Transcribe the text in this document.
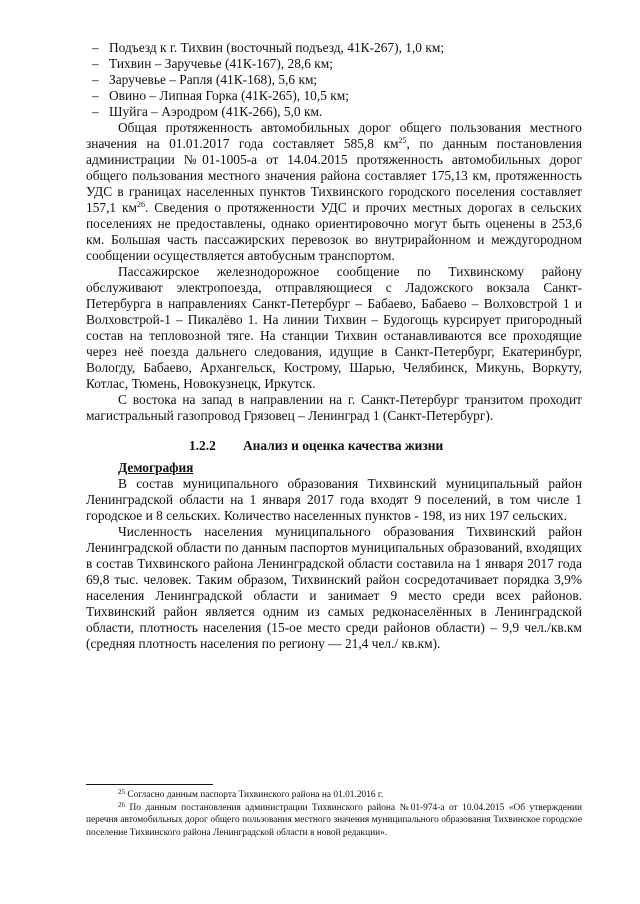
– Подъезд к г. Тихвин (восточный подъезд, 41К-267), 1,0 км;
– Тихвин – Заручевье (41К-167), 28,6 км;
– Заручевье – Рапля (41К-168), 5,6 км;
– Овино – Липная Горка (41К-265), 10,5 км;
– Шуйга – Аэродром (41К-266), 5,0 км.

Общая протяженность автомобильных дорог общего пользования местного значения на 01.01.2017 года составляет 585,8 $км^{25}$, по данным постановления администрации №01-1005-а от 14.04.2015 протяженность автомобильных дорог общего пользования местного значения района составляет 175,13 км, протяженность УДС в границах населенных пунктов Тихвинского городского поселения составляет 157,1 $км^{26}$. Сведения о протяженности УДС и прочих местных дорогах в сельских поселениях не предоставлены, однако ориентировочно могут быть оценены в 253,6 км. Большая часть пассажирских перевозок во внутрирайонном и междугородном сообщении осуществляется автобусным транспортом.

Пассажирское железнодорожное сообщение по Тихвинскому району обслуживают электропоезда, отправляющиеся с Ладожского вокзала Санкт-Петербурга в направлениях Санкт-Петербург – Бабаево, Бабаево – Волховстрой 1 и Волховстрой-1 – Пикалёво 1. На линии Тихвин – Будогощь курсирует пригородный состав на тепловозной тяге. На станции Тихвин останавливаются все проходящие через неё поезда дальнего следования, идущие в Санкт-Петербург, Екатеринбург, Вологду, Бабаево, Архангельск, Кострому, Шарью, Челябинск, Микунь, Воркуту, Котлас, Тюмень, Новокузнецк, Иркутск.

С востока на запад в направлении на г. Санкт-Петербург транзитом проходит магистральный газопровод Грязовец – Ленинград 1 (Санкт-Петербург).

1.2.2 Анализ и оценка качества жизни
Демография

В состав муниципального образования Тихвинский муниципальный район Ленинградской области на 1 января 2017 года входят 9 поселений, в том числе 1 городское и 8 сельских. Количество населенных пунктов - 198, из них 197 сельских.

Численность населения муниципального образования Тихвинский район Ленинградской области по данным паспортов муниципальных образований, входящих в состав Тихвинского района Ленинградской области составила на 1 января 2017 года 69,8 тыс. человек. Таким образом, Тихвинский район сосредотачивает порядка 3,9% населения Ленинградской области и занимает 9 место среди всех районов. Тихвинский район является одним из самых редконаселённых в Ленинградской области, плотность населения (15-ое место среди районов области) – 9,9 чел./кв.км (средняя плотность населения по региону — 21,4 чел./ кв.км).

$^{25}$ Согласно данным паспорта Тихвинского района на 01.01.2016 г.

$^{26}$ По данным постановления администрации Тихвинского района №01-974-а от 10.04.2015 «Об утверждении перечня автомобильных дорог общего пользования местного значения муниципального образования Тихвинское городское поселение Тихвинского района Ленинградской области в новой редакции».
